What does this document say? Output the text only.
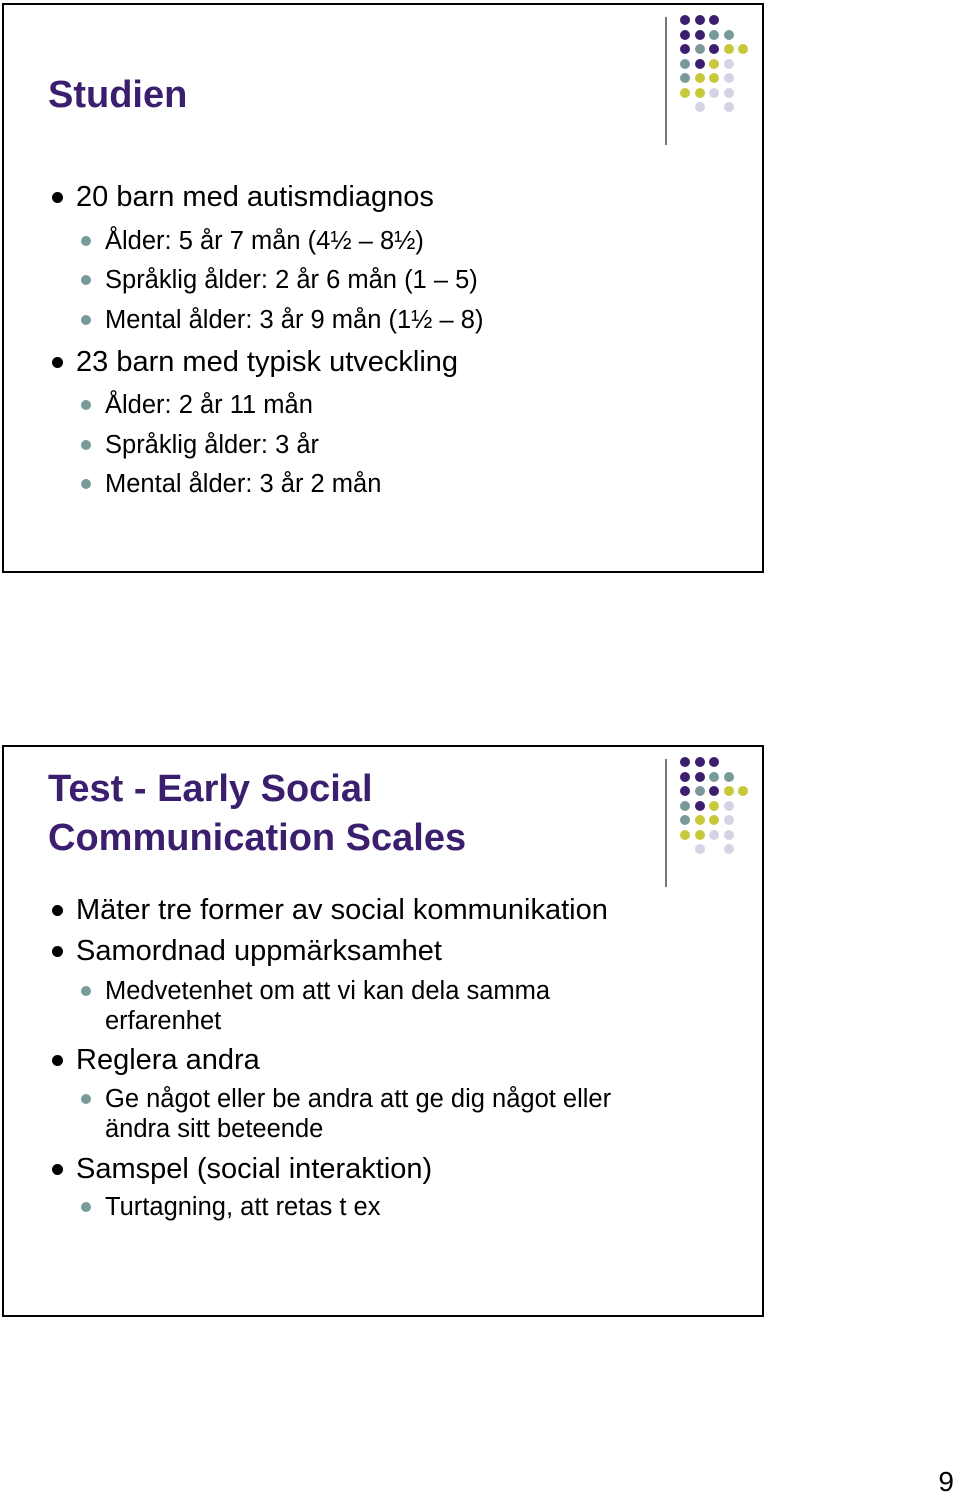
Studien
20 barn med autismdiagnos
Ålder: 5 år 7 mån (4½ – 8½)
Språklig ålder: 2 år 6 mån (1 – 5)
Mental ålder: 3 år 9 mån (1½ – 8)
23 barn med typisk utveckling
Ålder: 2 år 11 mån
Språklig ålder: 3 år
Mental ålder: 3 år 2 mån
Test - Early Social Communication Scales
Mäter tre former av social kommunikation
Samordnad uppmärksamhet
Medvetenhet om att vi kan dela samma erfarenhet
Reglera andra
Ge något eller be andra att ge dig något eller ändra sitt beteende
Samspel (social interaktion)
Turtagning, att retas t ex
9
